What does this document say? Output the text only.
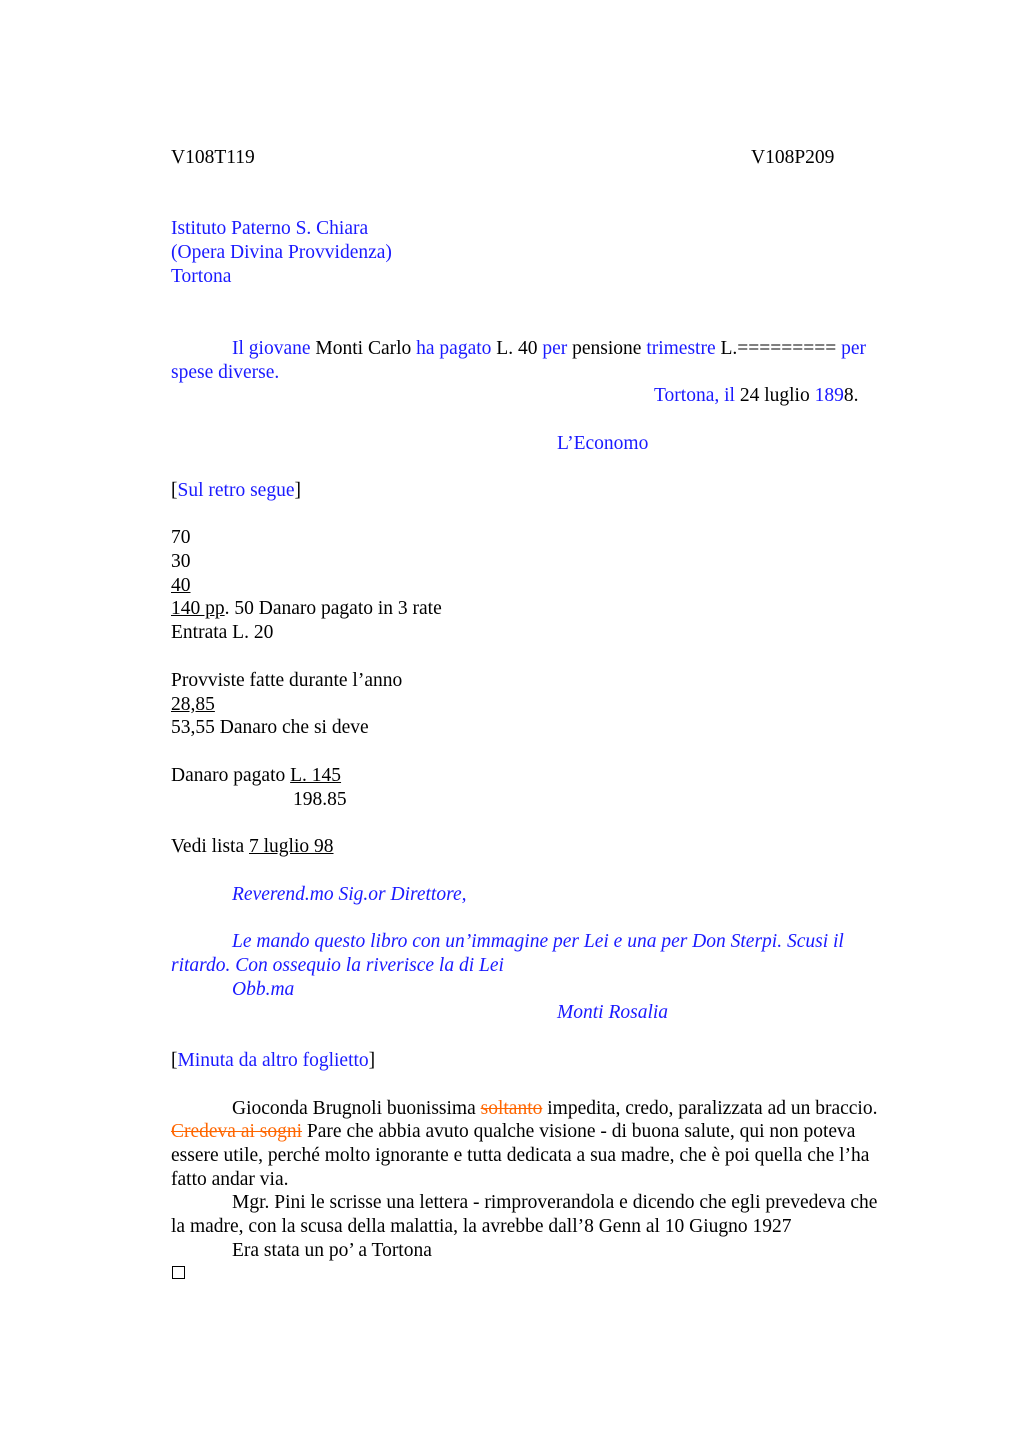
V108T119	V108P209
Istituto Paterno S. Chiara
(Opera Divina Provvidenza)
Tortona
Il giovane Monti Carlo ha pagato L. 40 per pensione trimestre L.========= per
spese diverse.
Tortona, il 24 luglio 1898.
L’Economo
[Sul retro segue]
70
30
40
140 pp. 50 Danaro pagato in 3 rate
Entrata L. 20
Provviste fatte durante l’anno
28,85
53,55 Danaro che si deve
Danaro pagato L. 145
198.85
Vedi lista 7 luglio 98
Reverend.mo Sig.or Direttore,
Le mando questo libro con un’immagine per Lei e una per Don Sterpi. Scusi il
ritardo. Con ossequio la riverisce la di Lei
Obb.ma
Monti Rosalia
[Minuta da altro foglietto]
Gioconda Brugnoli buonissima soltanto impedita, credo, paralizzata ad un braccio.
Credeva ai sogni Pare che abbia avuto qualche visione - di buona salute, qui non poteva
essere utile, perché molto ignorante e tutta dedicata a sua madre, che è poi quella che l’ha
fatto andar via.
Mgr. Pini le scrisse una lettera - rimproverandola e dicendo che egli prevedeva che
la madre, con la scusa della malattia, la avrebbe dall’8 Genn al 10 Giugno 1927
Era stata un po’ a Tortona
